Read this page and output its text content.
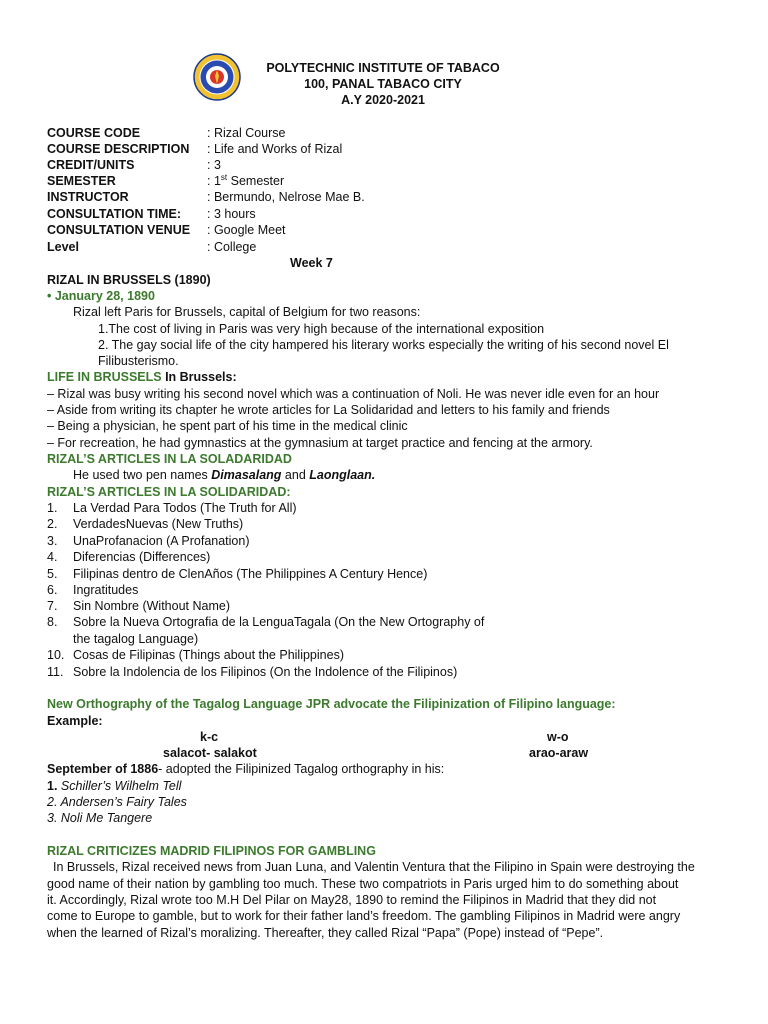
POLYTECHNIC INSTITUTE OF TABACO
100, PANAL TABACO CITY
A.Y 2020-2021
COURSE CODE	: Rizal Course
COURSE DESCRIPTION : Life and Works of Rizal
CREDIT/UNITS	: 3
SEMESTER	: 1st Semester
INSTRUCTOR	: Bermundo, Nelrose Mae B.
CONSULTATION TIME: : 3 hours
CONSULTATION VENUE : Google Meet
Level	: College
Week 7
RIZAL IN BRUSSELS (1890)
• January 28, 1890
Rizal left Paris for Brussels, capital of Belgium for two reasons:
1.The cost of living in Paris was very high because of the international exposition
2. The gay social life of the city hampered his literary works especially the writing of his second novel El
Filibusterismo.
LIFE IN BRUSSELS In Brussels:
– Rizal was busy writing his second novel which was a continuation of Noli. He was never idle even for an hour
– Aside from writing its chapter he wrote articles for La Solidaridad and letters to his family and friends
– Being a physician, he spent part of his time in the medical clinic
– For recreation, he had gymnastics at the gymnasium at target practice and fencing at the armory.
RIZAL’S ARTICLES IN LA SOLADARIDAD
He used two pen names Dimasalang and Laonglaan.
RIZAL’S ARTICLES IN LA SOLIDARIDAD:
1.	La Verdad Para Todos (The Truth for All)
2.	VerdadesNuevas (New Truths)
3.	UnaProfanacion (A Profanation)
4.	Diferencias (Differences)
5.	Filipinas dentro de ClenAños (The Philippines A Century Hence)
6.	Ingratitudes
7.	Sin Nombre (Without Name)
8.	Sobre la Nueva Ortografia de la LenguaTagala (On the New Ortography of
the tagalog Language)
10. Cosas de Filipinas (Things about the Philippines)
11. Sobre la Indolencia de los Filipinos (On the Indolence of the Filipinos)
New Orthography of the Tagalog Language JPR advocate the Filipinization of Filipino language:
Example:
k-c	w-o
salacot- salakot	arao-araw
September of 1886- adopted the Filipinized Tagalog orthography in his:
1. Schiller’s Wilhelm Tell
2. Andersen’s Fairy Tales
3. Noli Me Tangere
RIZAL CRITICIZES MADRID FILIPINOS FOR GAMBLING
In Brussels, Rizal received news from Juan Luna, and Valentin Ventura that the Filipino in Spain were destroying the
good name of their nation by gambling too much. These two compatriots in Paris urged him to do something about
it. Accordingly, Rizal wrote too M.H Del Pilar on May28, 1890 to remind the Filipinos in Madrid that they did not
come to Europe to gamble, but to work for their father land’s freedom. The gambling Filipinos in Madrid were angry
when the learned of Rizal’s moralizing. Thereafter, they called Rizal “Papa” (Pope) instead of “Pepe”.
